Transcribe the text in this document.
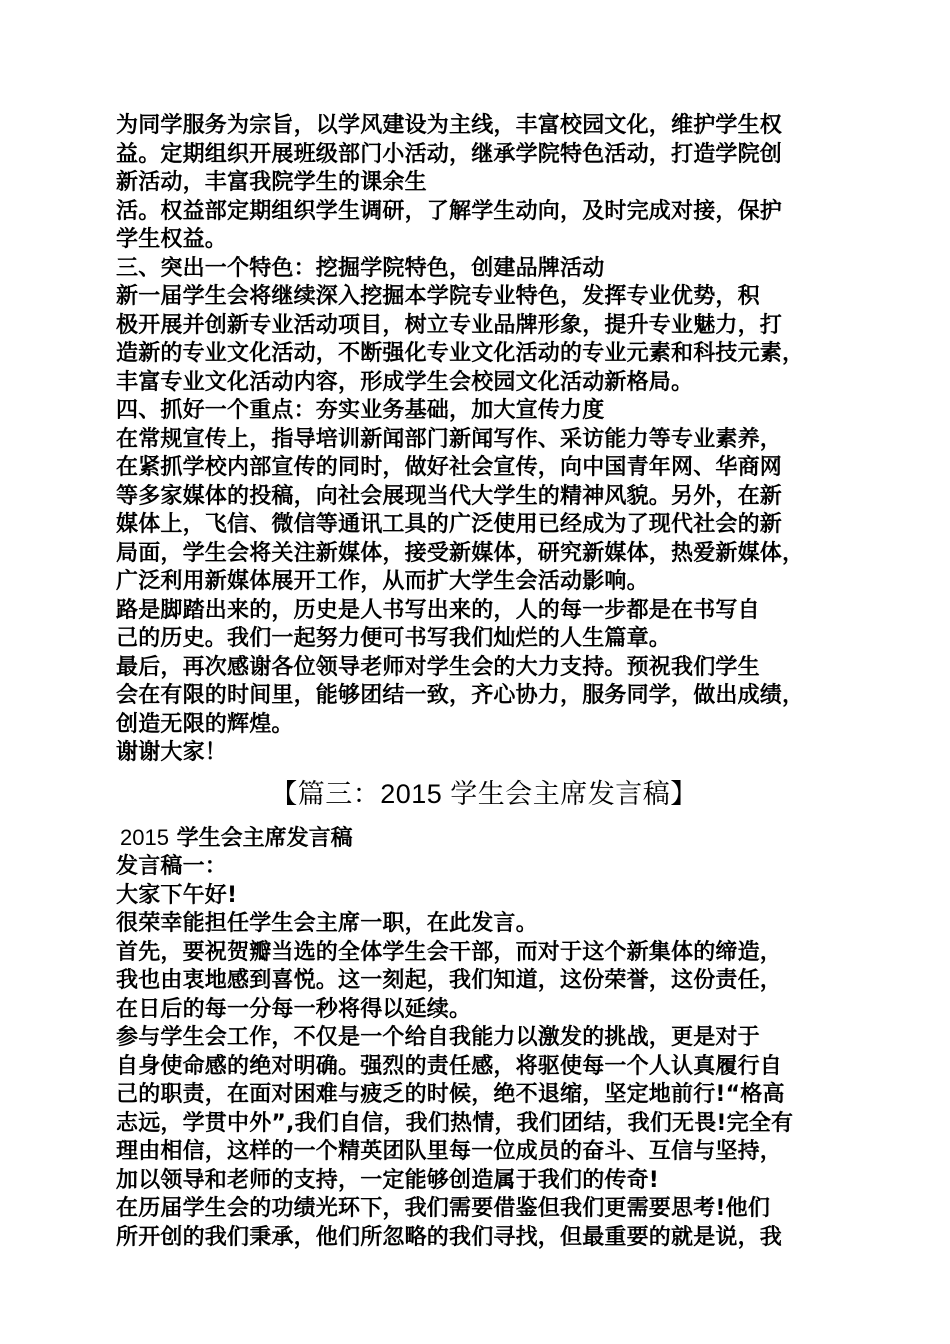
为同学服务为宗旨，以学风建设为主线，丰富校园文化，维护学生权
益。定期组织开展班级部门小活动，继承学院特色活动，打造学院创
新活动，丰富我院学生的课余生
活。权益部定期组织学生调研，了解学生动向，及时完成对接，保护
学生权益。

三、突出一个特色：挖掘学院特色，创建品牌活动

新一届学生会将继续深入挖掘本学院专业特色，发挥专业优势，积
极开展并创新专业活动项目，树立专业品牌形象，提升专业魅力，打
造新的专业文化活动，不断强化专业文化活动的专业元素和科技元素，
丰富专业文化活动内容，形成学生会校园文化活动新格局。

四、抓好一个重点：夯实业务基础，加大宣传力度

在常规宣传上，指导培训新闻部门新闻写作、采访能力等专业素养，
在紧抓学校内部宣传的同时，做好社会宣传，向中国青年网、华商网
等多家媒体的投稿，向社会展现当代大学生的精神风貌。另外，在新
媒体上，飞信、微信等通讯工具的广泛使用已经成为了现代社会的新
局面，学生会将关注新媒体，接受新媒体，研究新媒体，热爱新媒体，
广泛利用新媒体展开工作，从而扩大学生会活动影响。

路是脚踏出来的，历史是人书写出来的，人的每一步都是在书写自
己的历史。我们一起努力便可书写我们灿烂的人生篇章。

最后，再次感谢各位领导老师对学生会的大力支持。预祝我们学生
会在有限的时间里，能够团结一致，齐心协力，服务同学，做出成绩，
创造无限的辉煌。

谢谢大家！

【篇三：2015 学生会主席发言稿】

2015 学生会主席发言稿

发言稿一：

大家下午好!

很荣幸能担任学生会主席一职，在此发言。

首先，要祝贺瓣当选的全体学生会干部，而对于这个新集体的缔造，
我也由衷地感到喜悦。这一刻起，我们知道，这份荣誉，这份责任，
在日后的每一分每一秒将得以延续。

参与学生会工作，不仅是一个给自我能力以激发的挑战，更是对于
自身使命感的绝对明确。强烈的责任感，将驱使每一个人认真履行自
己的职责，在面对困难与疲乏的时候，绝不退缩，坚定地前行!“格高
志远，学贯中外”,我们自信，我们热情，我们团结，我们无畏!完全有
理由相信，这样的一个精英团队里每一位成员的奋斗、互信与坚持，
加以领导和老师的支持，一定能够创造属于我们的传奇!

在历届学生会的功绩光环下，我们需要借鉴但我们更需要思考!他们
所开创的我们秉承，他们所忽略的我们寻找，但最重要的就是说，我
